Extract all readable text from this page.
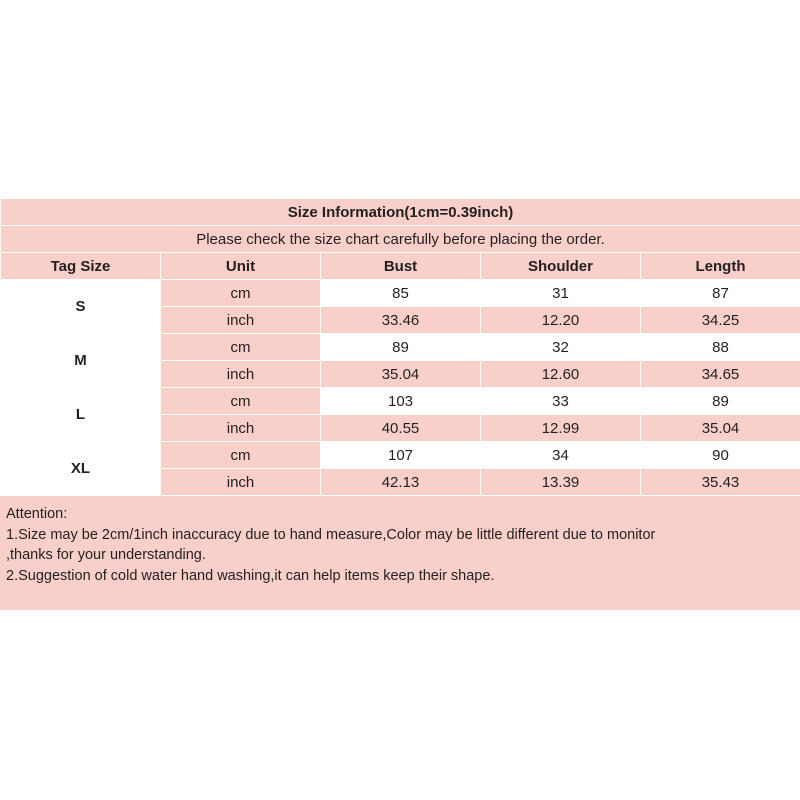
Size Information(1cm=0.39inch)				
Please check the size chart carefully before placing the order.				
Tag Size	Unit	Bust	Shoulder	Length
S	cm	85	31	87
	inch	33.46	12.20	34.25
M	cm	89	32	88
	inch	35.04	12.60	34.65
L	cm	103	33	89
	inch	40.55	12.99	35.04
XL	cm	107	34	90
	inch	42.13	13.39	35.43
Attention:
1.Size may be 2cm/1inch inaccuracy due to hand measure,Color may be little different due to monitor
,thanks for your understanding.
2.Suggestion of cold water hand washing,it can help items keep their shape.
